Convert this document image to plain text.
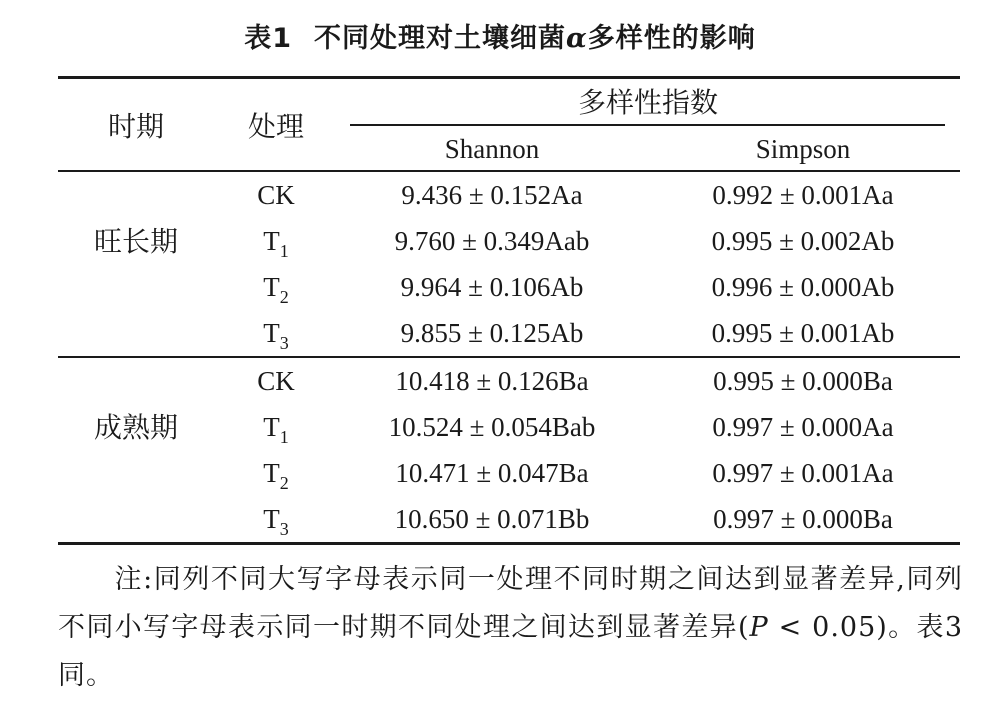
表1 不同处理对土壤细菌α多样性的影响
时期	处理
多样性指数
Shannon	Simpson
旺长期
CK	9.436 ± 0.152Aa	0.992 ± 0.001Aa
$T_1$	9.760 ± 0.349Aab	0.995 ± 0.002Ab
$T_2$	9.964 ± 0.106Ab	0.996 ± 0.000Ab
$T_3$	9.855 ± 0.125Ab	0.995 ± 0.001Ab
成熟期
CK	10.418 ± 0.126Ba	0.995 ± 0.000Ba
$T_1$	10.524 ± 0.054Bab	0.997 ± 0.000Aa
$T_2$	10.471 ± 0.047Ba	0.997 ± 0.001Aa
$T_3$	10.650 ± 0.071Bb	0.997 ± 0.000Ba
注:同列不同大写字母表示同一处理不同时期之间达到显著差异,同列不同小写字母表示同一时期不同处理之间达到显著差异(P < 0.05)。表3同。
